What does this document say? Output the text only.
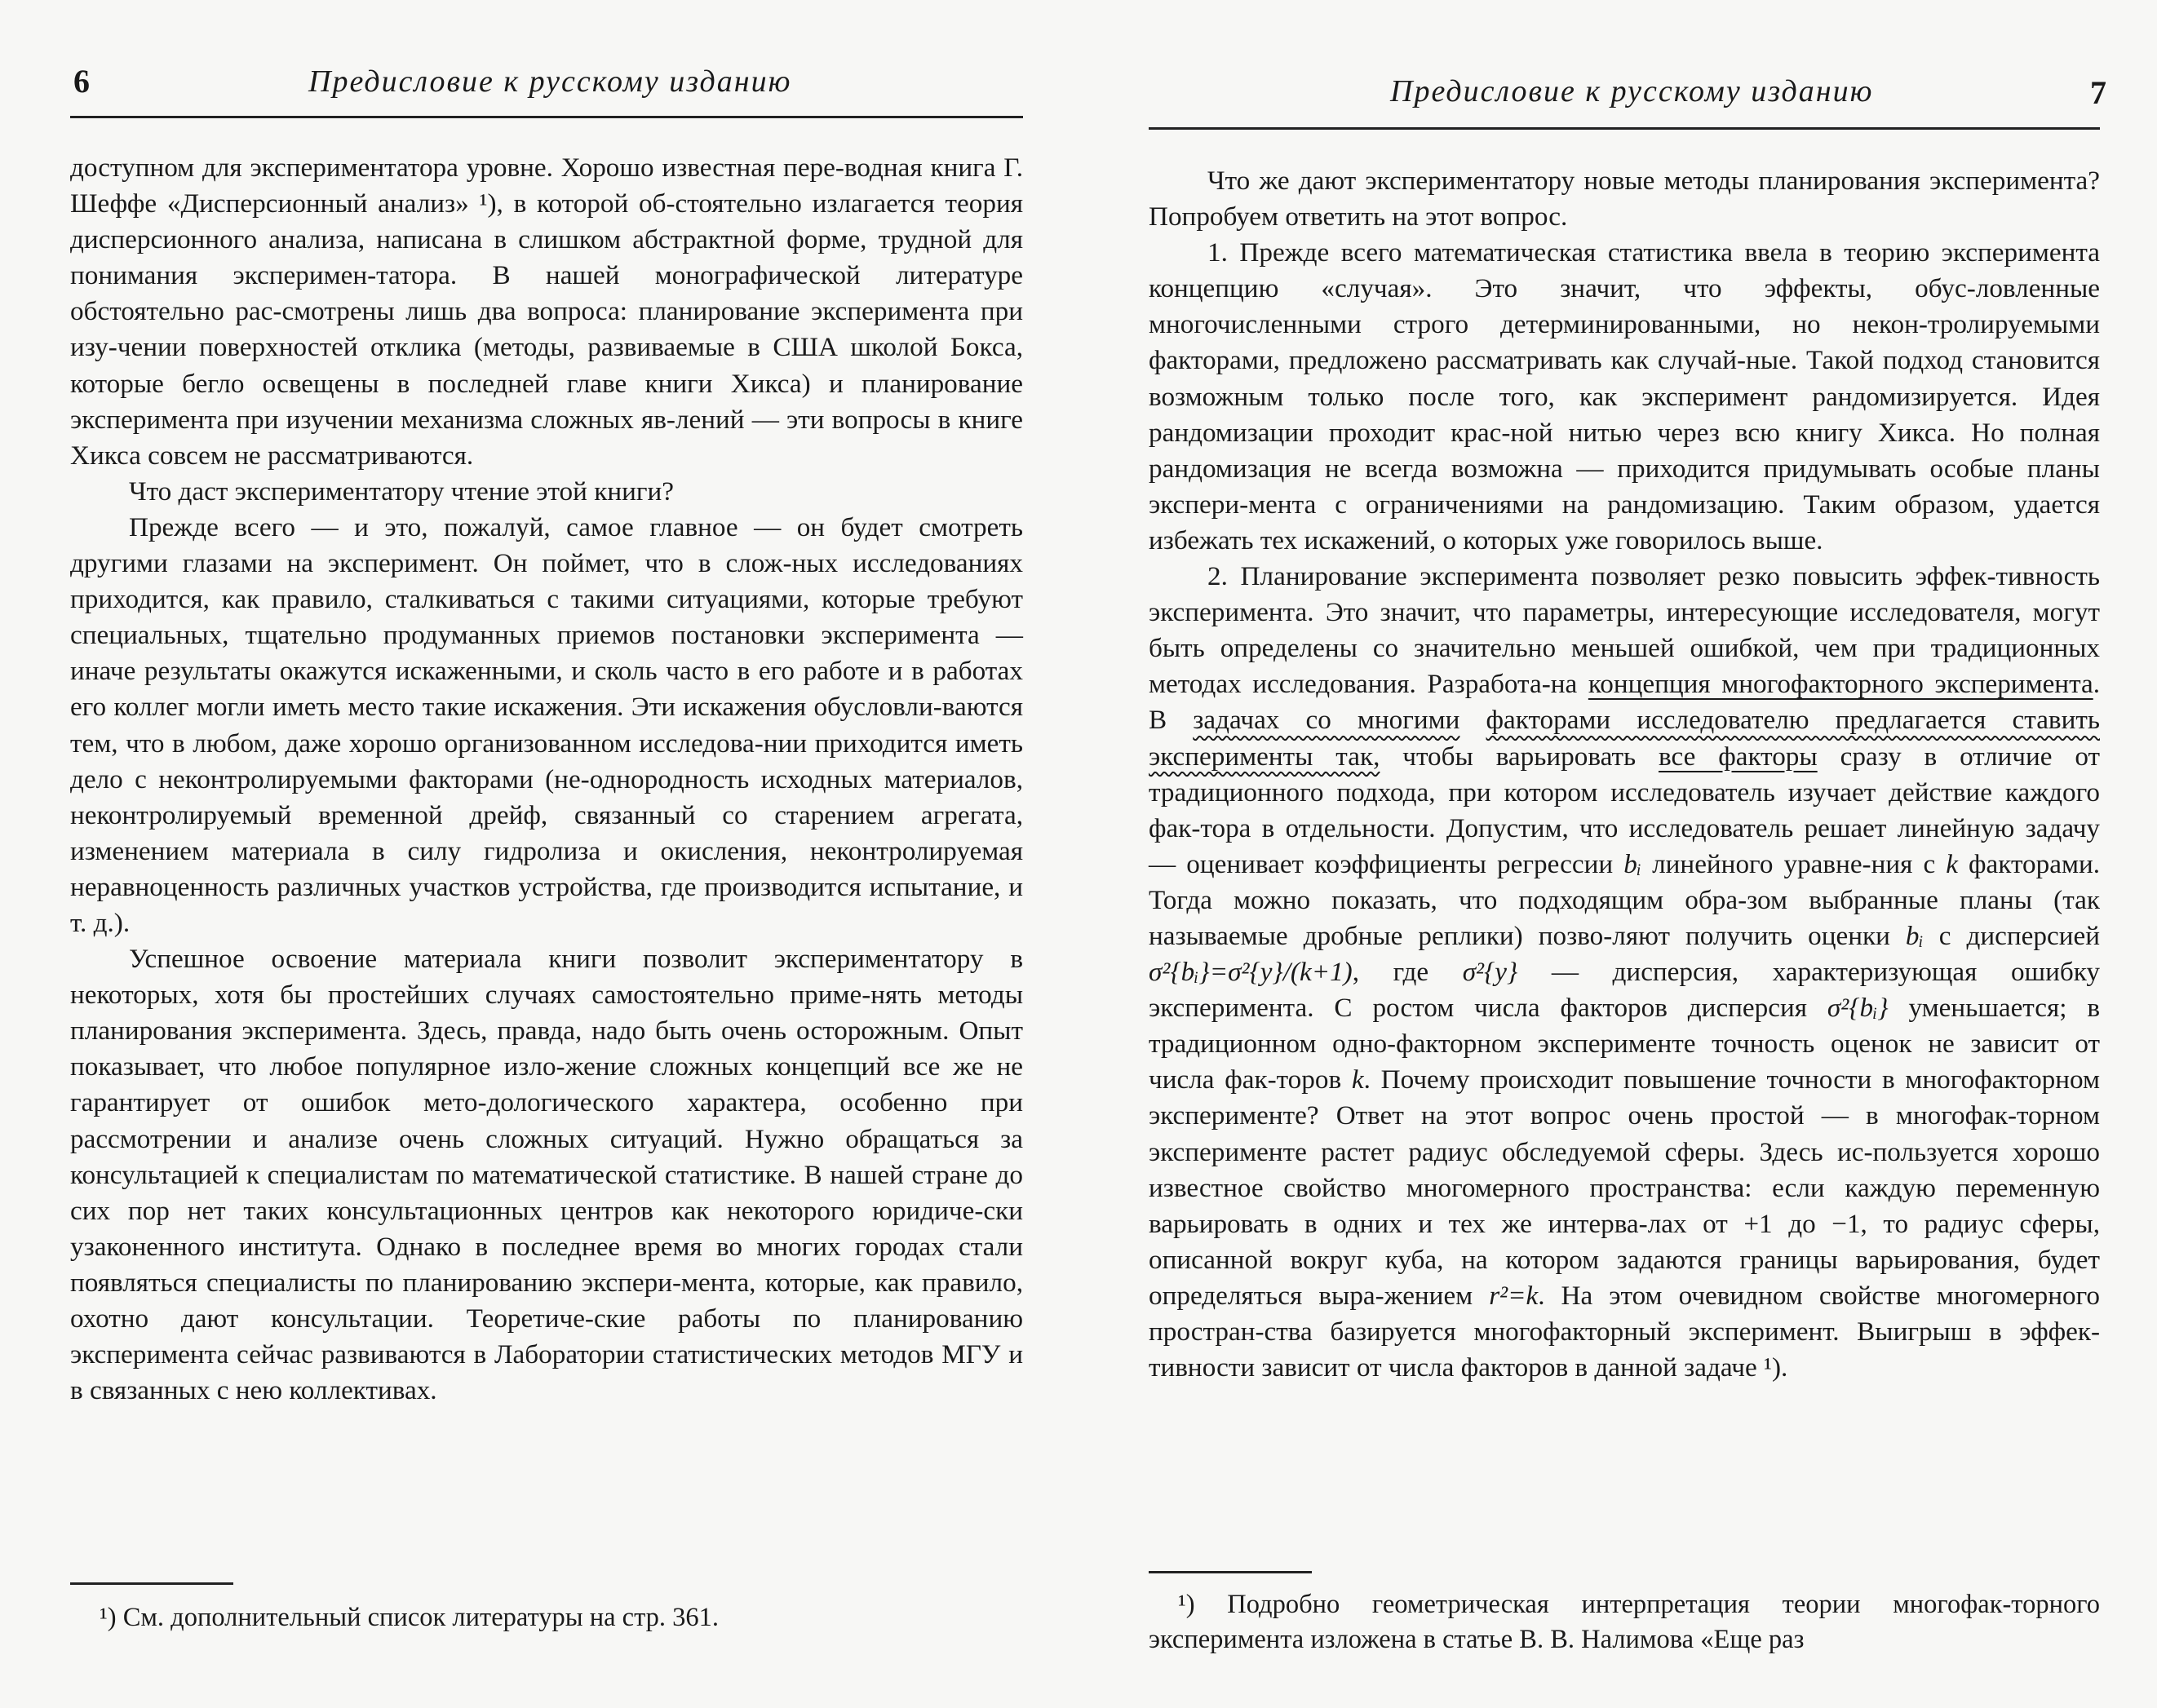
6	Предисловие к русскому изданию

доступном для экспериментатора уровне. Хорошо известная пере-водная книга Г. Шеффе «Дисперсионный анализ» ¹), в которой об-стоятельно излагается теория дисперсионного анализа, написана в слишком абстрактной форме, трудной для понимания эксперимен-татора. В нашей монографической литературе обстоятельно рас-смотрены лишь два вопроса: планирование эксперимента при изу-чении поверхностей отклика (методы, развиваемые в США школой Бокса, которые бегло освещены в последней главе книги Хикса) и планирование эксперимента при изучении механизма сложных яв-лений — эти вопросы в книге Хикса совсем не рассматриваются.

Что даст экспериментатору чтение этой книги?

Прежде всего — и это, пожалуй, самое главное — он будет смотреть другими глазами на эксперимент. Он поймет, что в слож-ных исследованиях приходится, как правило, сталкиваться с такими ситуациями, которые требуют специальных, тщательно продуманных приемов постановки эксперимента — иначе результаты окажутся искаженными, и сколь часто в его работе и в работах его коллег могли иметь место такие искажения. Эти искажения обусловли-ваются тем, что в любом, даже хорошо организованном исследова-нии приходится иметь дело с неконтролируемыми факторами (не-однородность исходных материалов, неконтролируемый временной дрейф, связанный со старением агрегата, изменением материала в силу гидролиза и окисления, неконтролируемая неравноценность различных участков устройства, где производится испытание, и т. д.).

Успешное освоение материала книги позволит экспериментатору в некоторых, хотя бы простейших случаях самостоятельно приме-нять методы планирования эксперимента. Здесь, правда, надо быть очень осторожным. Опыт показывает, что любое популярное изло-жение сложных концепций все же не гарантирует от ошибок мето-дологического характера, особенно при рассмотрении и анализе очень сложных ситуаций. Нужно обращаться за консультацией к специалистам по математической статистике. В нашей стране до сих пор нет таких консультационных центров как некоторого юридиче-ски узаконенного института. Однако в последнее время во многих городах стали появляться специалисты по планированию экспери-мента, которые, как правило, охотно дают консультации. Теоретиче-ские работы по планированию эксперимента сейчас развиваются в Лаборатории статистических методов МГУ и в связанных с нею коллективах.

¹) См. дополнительный список литературы на стр. 361.

Предисловие к русскому изданию	7

Что же дают экспериментатору новые методы планирования эксперимента? Попробуем ответить на этот вопрос.

1. Прежде всего математическая статистика ввела в теорию эксперимента концепцию «случая». Это значит, что эффекты, обус-ловленные многочисленными строго детерминированными, но некон-тролируемыми факторами, предложено рассматривать как случай-ные. Такой подход становится возможным только после того, как эксперимент рандомизируется. Идея рандомизации проходит крас-ной нитью через всю книгу Хикса. Но полная рандомизация не всегда возможна — приходится придумывать особые планы экспери-мента с ограничениями на рандомизацию. Таким образом, удается избежать тех искажений, о которых уже говорилось выше.

2. Планирование эксперимента позволяет резко повысить эффек-тивность эксперимента. Это значит, что параметры, интересующие исследователя, могут быть определены со значительно меньшей ошибкой, чем при традиционных методах исследования. Разработа-на концепция многофакторного эксперимента. В задачах со многими факторами исследователю предлагается ставить эксперименты так, чтобы варьировать все факторы сразу в отличие от традиционного подхода, при котором исследователь изучает действие каждого фак-тора в отдельности. Допустим, что исследователь решает линейную задачу — оценивает коэффициенты регрессии bᵢ линейного уравне-ния с k факторами. Тогда можно показать, что подходящим обра-зом выбранные планы (так называемые дробные реплики) позво-ляют получить оценки bᵢ с дисперсией σ²{bᵢ}=σ²{y}/(k+1), где σ²{y} — дисперсия, характеризующая ошибку эксперимента. С ростом числа факторов дисперсия σ²{bᵢ} уменьшается; в традиционном одно-факторном эксперименте точность оценок не зависит от числа фак-торов k. Почему происходит повышение точности в многофакторном эксперименте? Ответ на этот вопрос очень простой — в многофак-торном эксперименте растет радиус обследуемой сферы. Здесь ис-пользуется хорошо известное свойство многомерного пространства: если каждую переменную варьировать в одних и тех же интерва-лах от +1 до −1, то радиус сферы, описанной вокруг куба, на котором задаются границы варьирования, будет определяться выра-жением r²=k. На этом очевидном свойстве многомерного простран-ства базируется многофакторный эксперимент. Выигрыш в эффек-тивности зависит от числа факторов в данной задаче ¹).

¹) Подробно геометрическая интерпретация теории многофак-торного эксперимента изложена в статье В. В. Налимова «Еще раз
